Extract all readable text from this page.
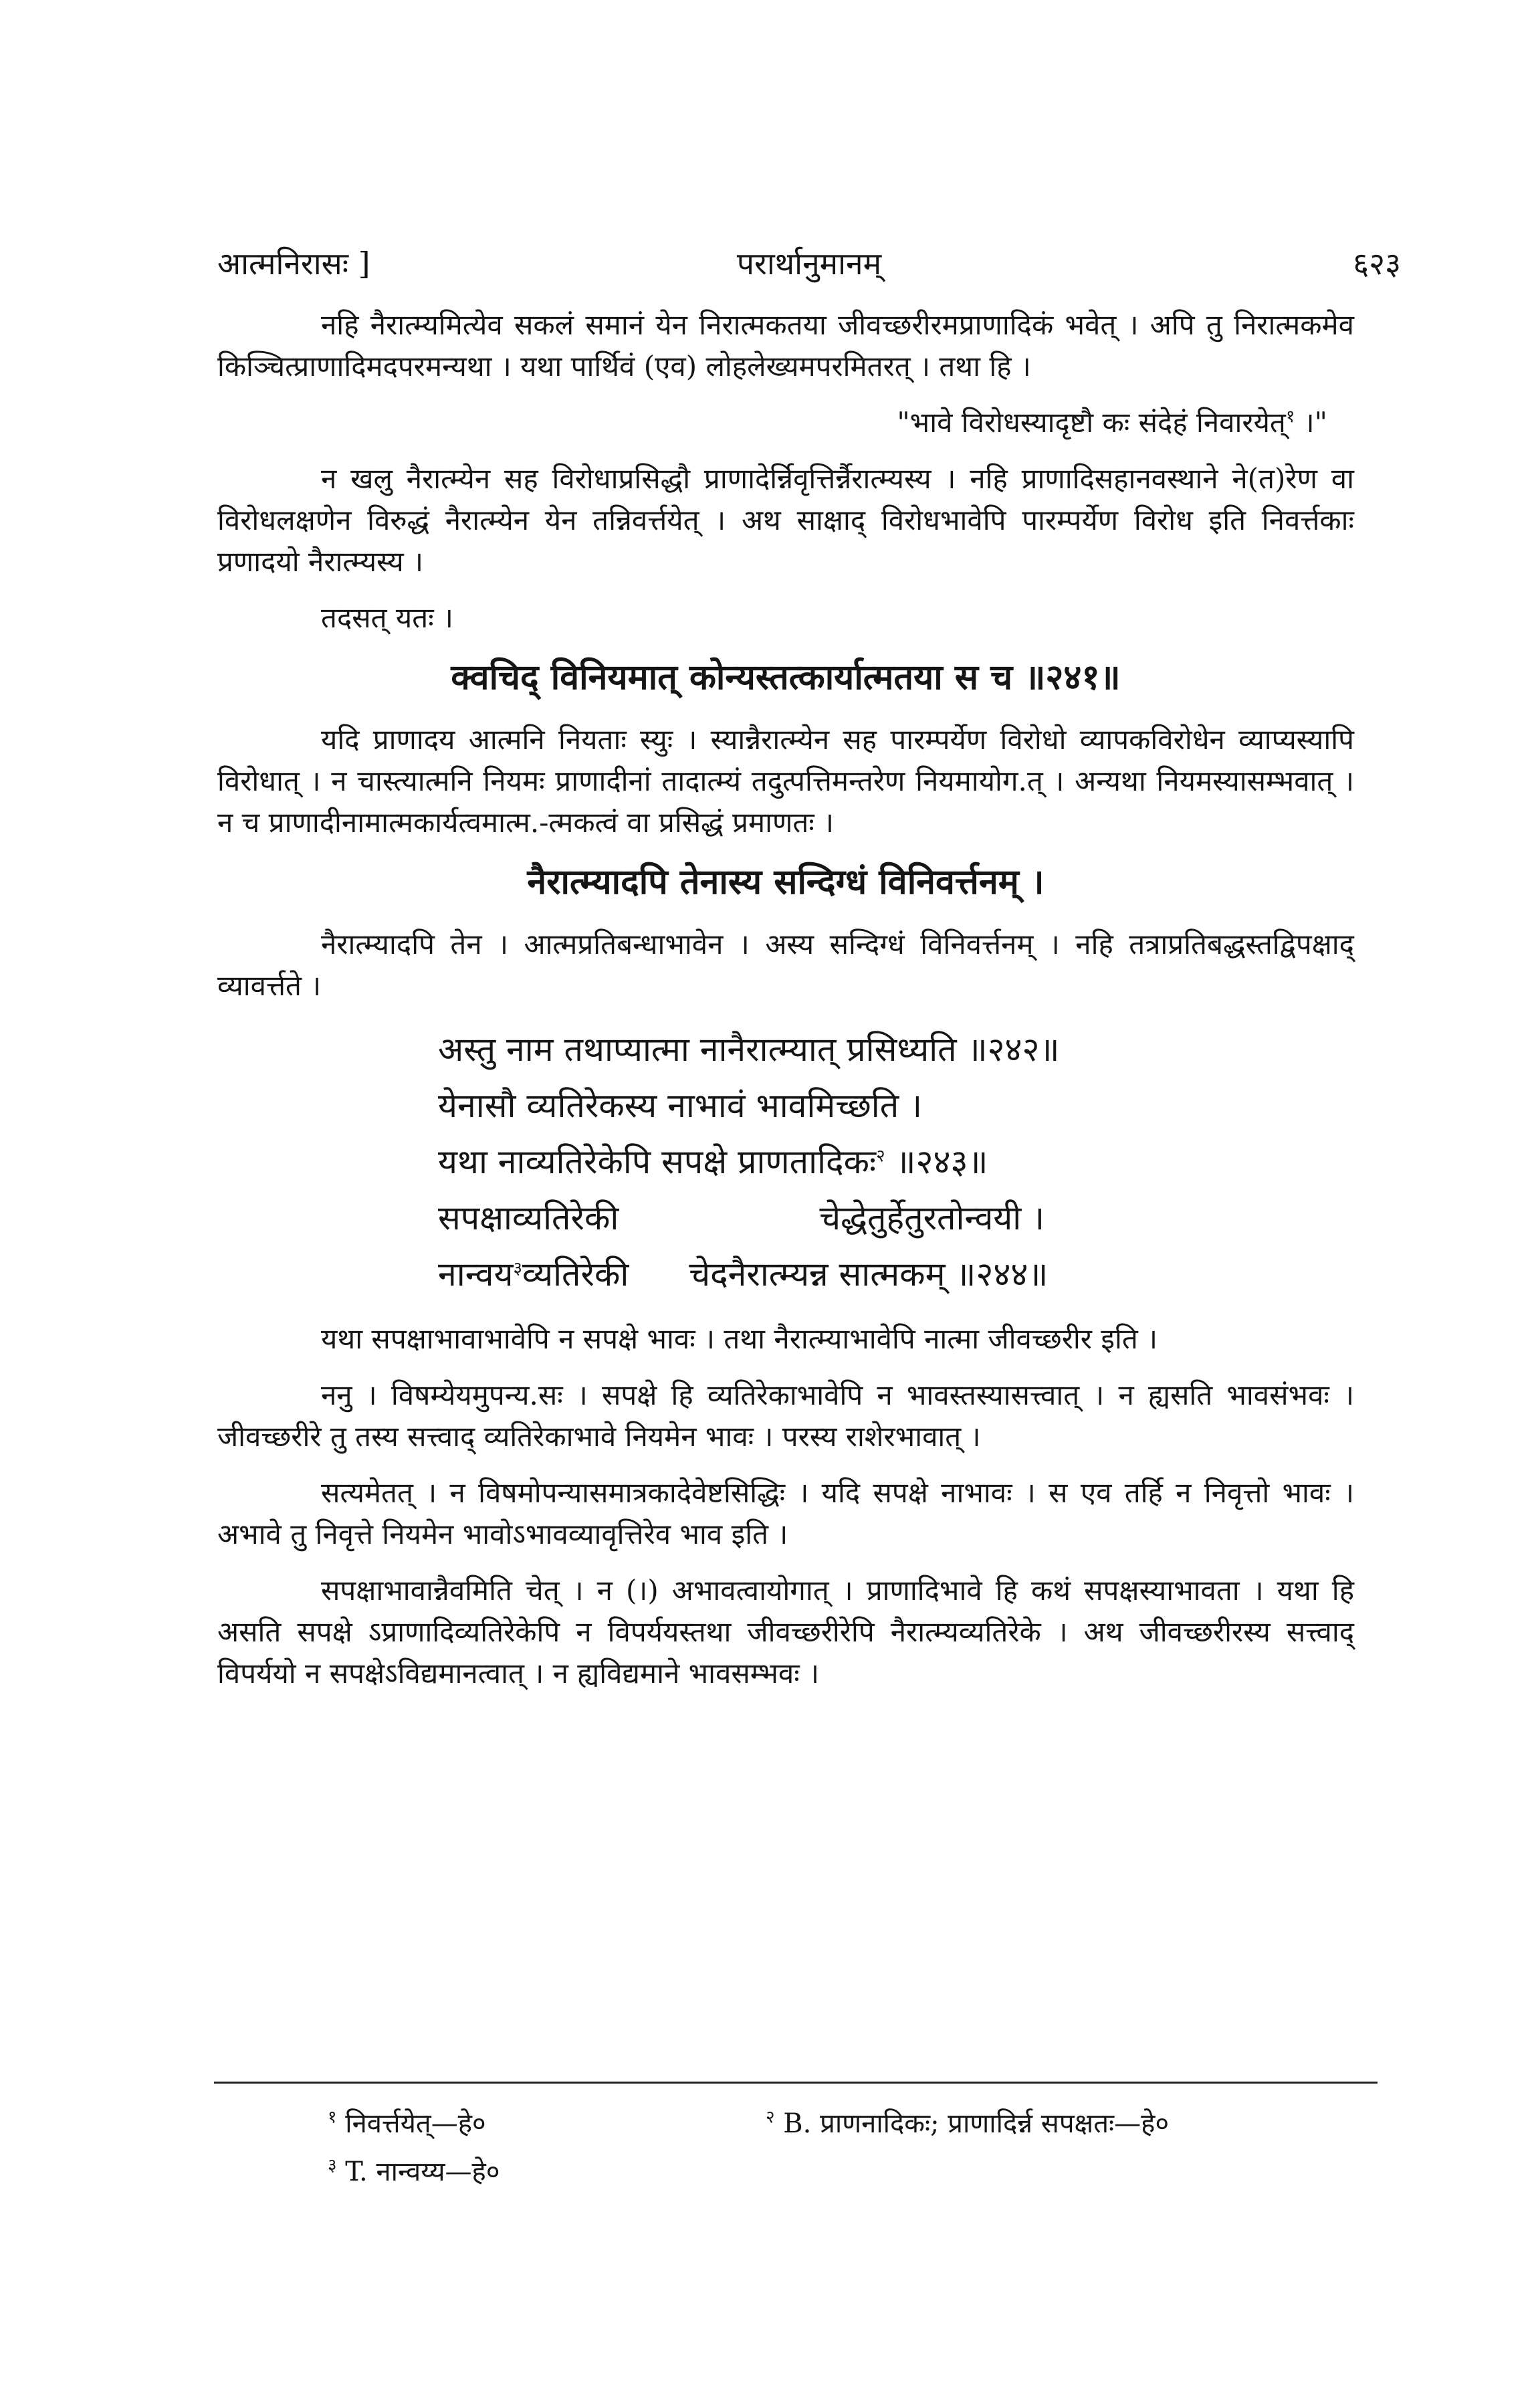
आत्मनिरासः ]	परार्थानुमानम्	६२३

नहि नैरात्म्यमित्येव सकलं समानं येन निरात्मकतया जीवच्छरीरमप्राणादिकं भवेत् । अपि तु निरात्मकमेव किञ्चित्प्राणादिमदपरमन्यथा । यथा पार्थिवं (एव) लोहलेख्यमपरमितरत् । तथा हि ।

"भावे विरोधस्यादृष्टौ कः संदेहं निवारयेत्$^१$ ।"

न खलु नैरात्म्येन सह विरोधाप्रसिद्धौ प्राणादेर्न्निवृत्तिर्न्नैरात्म्यस्य । नहि प्राणादिसहानवस्थाने ने(त)रेण वा विरोधलक्षणेन विरुद्धं नैरात्म्येन येन तन्निवर्त्तयेत् । अथ साक्षाद् विरोधभावेपि पारम्पर्येण विरोध इति निवर्त्तकाः प्रणादयो नैरात्म्यस्य ।

तदसत् यतः ।

क्वचिद् विनियमात् कोन्यस्तत्कार्यात्मतया स च ॥२४१॥

यदि प्राणादय आत्मनि नियताः स्युः । स्यान्नैरात्म्येन सह पारम्पर्येण विरोधो व्यापकविरोधेन व्याप्यस्यापि विरोधात् । न चास्त्यात्मनि नियमः प्राणादीनां तादात्म्यं तदुत्पत्तिमन्तरेण नियमायोग.त् । अन्यथा नियमस्यासम्भवात् । न च प्राणादीनामात्मकार्यत्वमात्म.-त्मकत्वं वा प्रसिद्धं प्रमाणतः ।

नैरात्म्यादपि तेनास्य सन्दिग्धं विनिवर्त्तनम् ।

नैरात्म्यादपि तेन । आत्मप्रतिबन्धाभावेन । अस्य सन्दिग्धं विनिवर्त्तनम् । नहि तत्राप्रतिबद्धस्तद्विपक्षाद् व्यावर्त्तते ।

अस्तु नाम तथाप्यात्मा नानैरात्म्यात् प्रसिध्यति ॥२४२॥
येनासौ व्यतिरेकस्य नाभावं भावमिच्छति ।
यथा नाव्यतिरेकेपि सपक्षे प्राणतादिकः$^२$ ॥२४३॥
सपक्षाव्यतिरेकी	चेद्धेतुर्हेतुरतोन्वयी ।
नान्वय$^३$व्यतिरेकी चेदनैरात्म्यन्न सात्मकम् ॥२४४॥

यथा सपक्षाभावाभावेपि न सपक्षे भावः । तथा नैरात्म्याभावेपि नात्मा जीवच्छरीर इति ।

ननु । विषम्येयमुपन्य.सः । सपक्षे हि व्यतिरेकाभावेपि न भावस्तस्यासत्त्वात् । न ह्यसति भावसंभवः । जीवच्छरीरे तु तस्य सत्त्वाद् व्यतिरेकाभावे नियमेन भावः । परस्य राशेरभावात् ।

सत्यमेतत् । न विषमोपन्यासमात्रकादेवेष्टसिद्धिः । यदि सपक्षे नाभावः । स एव तर्हि न निवृत्तो भावः । अभावे तु निवृत्ते नियमेन भावोऽभावव्यावृत्तिरेव भाव इति ।

सपक्षाभावान्नैवमिति चेत् । न (।) अभावत्वायोगात् । प्राणादिभावे हि कथं सपक्षस्याभावता । यथा हि असति सपक्षे ऽप्राणादिव्यतिरेकेपि न विपर्ययस्तथा जीवच्छरीरेपि नैरात्म्यव्यतिरेके । अथ जीवच्छरीरस्य सत्त्वाद् विपर्ययो न सपक्षेऽविद्यमानत्वात् । न ह्यविद्यमाने भावसम्भवः ।

$^१$ निवर्त्तयेत्—हे०	$^२$ B. प्राणनादिकः; प्राणादिर्न्न सपक्षतः—हे०
$^३$ T. नान्वय्य—हे०
